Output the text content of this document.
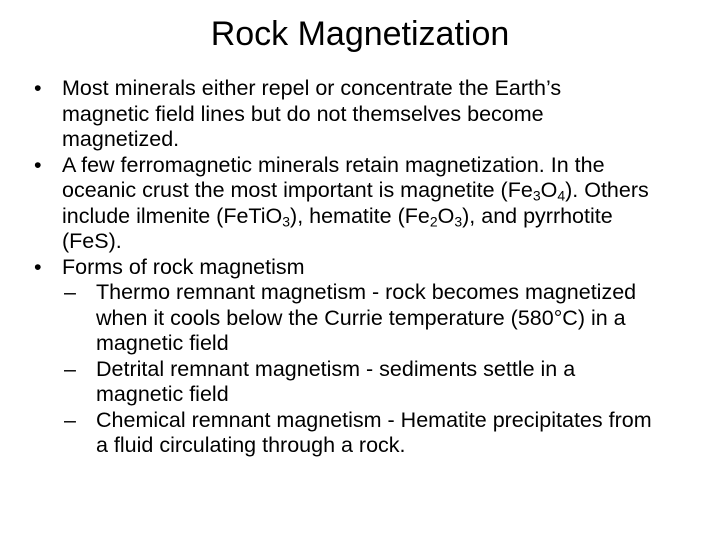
Rock Magnetization
• Most minerals either repel or concentrate the Earth’s magnetic field lines but do not themselves become magnetized.
• A few ferromagnetic minerals retain magnetization. In the oceanic crust the most important is magnetite $(Fe_3O_4)$. Others include ilmenite (FeTiO$_3$), hematite $(Fe_2O_3)$, and pyrrhotite (FeS).
• Forms of rock magnetism
– Thermo remnant magnetism - rock becomes magnetized when it cools below the Currie temperature (580°C) in a magnetic field
– Detrital remnant magnetism - sediments settle in a magnetic field
– Chemical remnant magnetism - Hematite precipitates from a fluid circulating through a rock.
